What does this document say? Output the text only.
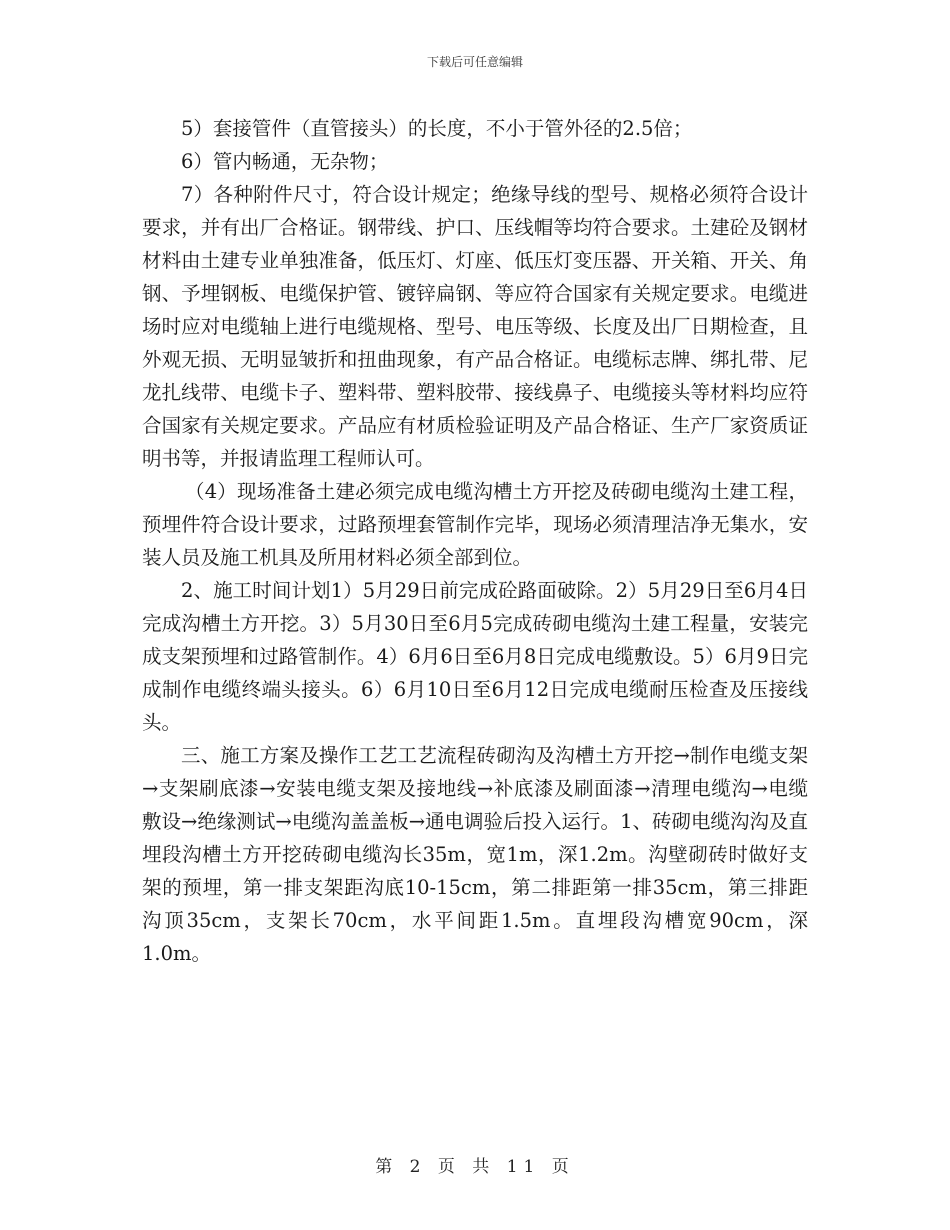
下载后可任意编辑

5）套接管件（直管接头）的长度，不小于管外径的2.5倍；

6）管内畅通，无杂物；

7）各种附件尺寸，符合设计规定；绝缘导线的型号、规格必须符合设计要求，并有出厂合格证。钢带线、护口、压线帽等均符合要求。土建砼及钢材材料由土建专业单独准备，低压灯、灯座、低压灯变压器、开关箱、开关、角钢、予埋钢板、电缆保护管、镀锌扁钢、等应符合国家有关规定要求。电缆进场时应对电缆轴上进行电缆规格、型号、电压等级、长度及出厂日期检查，且外观无损、无明显皱折和扭曲现象，有产品合格证。电缆标志牌、绑扎带、尼龙扎线带、电缆卡子、塑料带、塑料胶带、接线鼻子、电缆接头等材料均应符合国家有关规定要求。产品应有材质检验证明及产品合格证、生产厂家资质证明书等，并报请监理工程师认可。

（4）现场准备土建必须完成电缆沟槽土方开挖及砖砌电缆沟土建工程，预埋件符合设计要求，过路预埋套管制作完毕，现场必须清理洁净无集水，安装人员及施工机具及所用材料必须全部到位。

2、施工时间计划1）5月29日前完成砼路面破除。2）5月29日至6月4日完成沟槽土方开挖。3）5月30日至6月5完成砖砌电缆沟土建工程量，安装完成支架预埋和过路管制作。4）6月6日至6月8日完成电缆敷设。5）6月9日完成制作电缆终端头接头。6）6月10日至6月12日完成电缆耐压检查及压接线头。

三、施工方案及操作工艺工艺流程砖砌沟及沟槽土方开挖→制作电缆支架→支架刷底漆→安装电缆支架及接地线→补底漆及刷面漆→清理电缆沟→电缆敷设→绝缘测试→电缆沟盖盖板→通电调验后投入运行。1、砖砌电缆沟沟及直埋段沟槽土方开挖砖砌电缆沟长35m，宽1m，深1.2m。沟壁砌砖时做好支架的预埋，第一排支架距沟底10-15cm，第二排距第一排35cm，第三排距沟顶35cm，支架长70cm，水平间距1.5m。直埋段沟槽宽90cm，深1.0m。

第 2 页 共 11 页
